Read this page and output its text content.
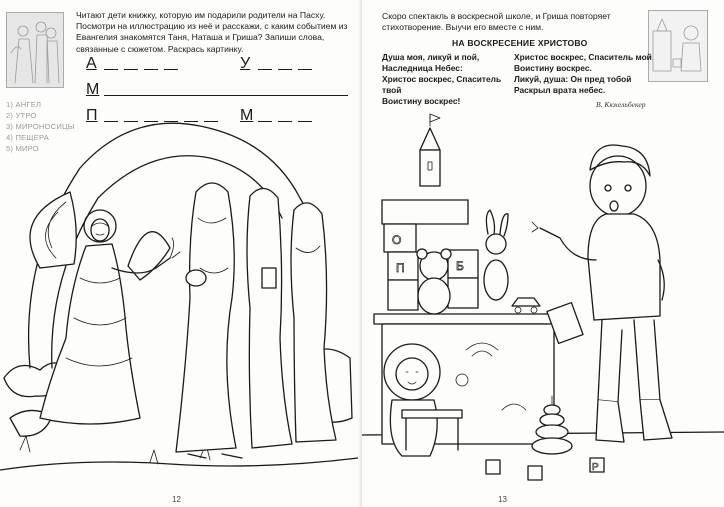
Читают дети книжку, которую им подарили родители на Пасху. Посмотри на иллюстрацию из неё и расскажи, с каким событием из Евангелия знакомятся Таня, Наташа и Гриша? Запиши слова, связанные с сюжетом. Раскрась картинку.

А	У
М
П	М
1) АНГЕЛ
2) УТРО
3) МИРОНОСИЦЫ
4) ПЕЩЕРА
5) МИРО
12

Скоро спектакль в воскресной школе, и Гриша повторяет стихотворение. Выучи его вместе с ним.

НА ВОСКРЕСЕНИЕ ХРИСТОВО

Душа моя, ликуй и пой,
Наследница Небес:
Христос воскрес, Спаситель твой
Воистину воскрес!
Христос воскрес, Спаситель мой
Воистину воскрес.
Ликуй, душа: Он пред тобой
Раскрыл врата небес.
В. Кюхельбекер
О
П	Б
Р
13
